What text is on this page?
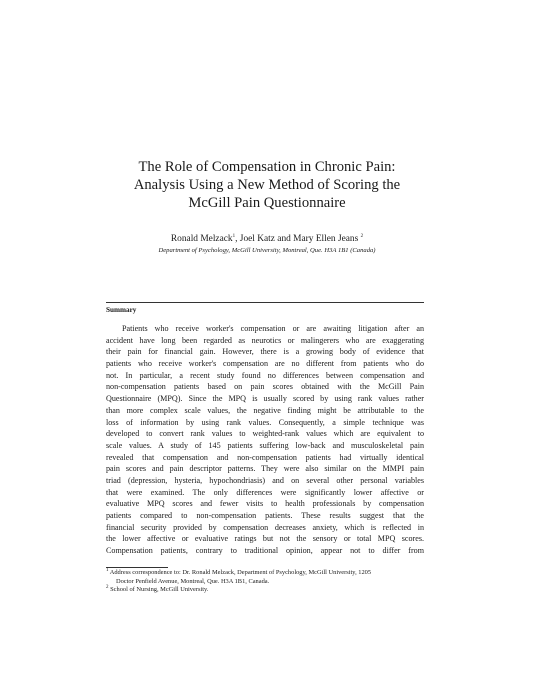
The Role of Compensation in Chronic Pain:
Analysis Using a New Method of Scoring the
McGill Pain Questionnaire
Ronald Melzack$^1$, Joel Katz and Mary Ellen Jeans $^2$
Department of Psychology, McGill University, Montreal, Que. H3A 1B1 (Canada)
Summary
Patients who receive worker's compensation or are awaiting litigation after an
accident have long been regarded as neurotics or malingerers who are exaggerating
their pain for financial gain. However, there is a growing body of evidence that
patients who receive worker's compensation are no different from patients who do
not. In particular, a recent study found no differences between compensation and
non-compensation patients based on pain scores obtained with the McGill Pain
Questionnaire (MPQ). Since the MPQ is usually scored by using rank values rather
than more complex scale values, the negative finding might be attributable to the
loss of information by using rank values. Consequently, a simple technique was
developed to convert rank values to weighted-rank values which are equivalent to
scale values. A study of 145 patients suffering low-back and musculoskeletal pain
revealed that compensation and non-compensation patients had virtually identical
pain scores and pain descriptor patterns. They were also similar on the MMPI pain
triad (depression, hysteria, hypochondriasis) and on several other personal variables
that were examined. The only differences were significantly lower affective or
evaluative MPQ scores and fewer visits to health professionals by compensation
patients compared to non-compensation patients. These results suggest that the
financial security provided by compensation decreases anxiety, which is reflected in
the lower affective or evaluative ratings but not the sensory or total MPQ scores.
Compensation patients, contrary to traditional opinion, appear not to differ from
$^1$ Address correspondence to: Dr. Ronald Melzack, Department of Psychology, McGill University, 1205
Doctor Penfield Avenue, Montreal, Que. H3A 1B1, Canada.
$^2$ School of Nursing, McGill University.
